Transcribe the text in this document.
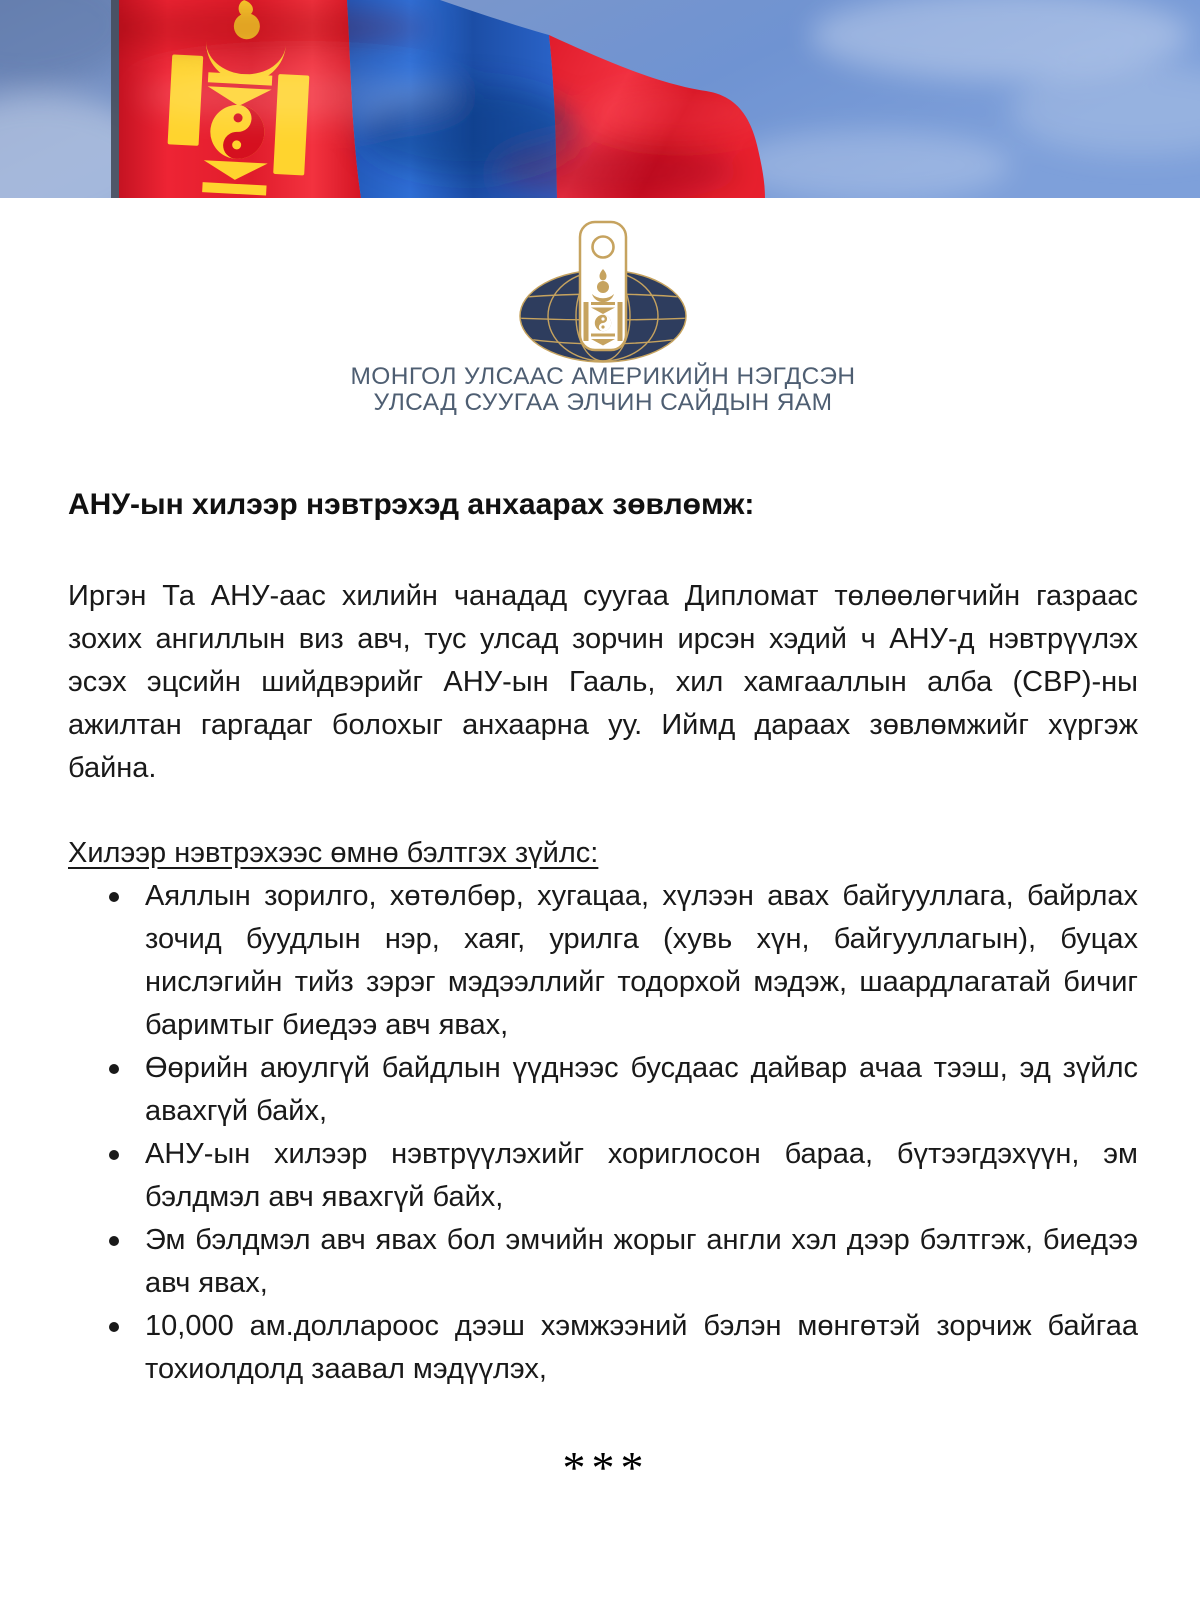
МОНГОЛ УЛСААС АМЕРИКИЙН НЭГДСЭН
УЛСАД СУУГАА ЭЛЧИН САЙДЫН ЯАМ
АНУ-ын хилээр нэвтрэхэд анхаарах зөвлөмж:

Иргэн Та АНУ-аас хилийн чанадад суугаа Дипломат төлөөлөгчийн газраас зохих ангиллын виз авч, тус улсад зорчин ирсэн хэдий ч АНУ-д нэвтрүүлэх эсэх эцсийн шийдвэрийг АНУ-ын Гааль, хил хамгааллын алба (CBP)-ны ажилтан гаргадаг болохыг анхаарна уу. Иймд дараах зөвлөмжийг хүргэж байна.

Хилээр нэвтрэхээс өмнө бэлтгэх зүйлс:
Аяллын зорилго, хөтөлбөр, хугацаа, хүлээн авах байгууллага, байрлах зочид буудлын нэр, хаяг, урилга (хувь хүн, байгууллагын), буцах нислэгийн тийз зэрэг мэдээллийг тодорхой мэдэж, шаардлагатай бичиг баримтыг биедээ авч явах,
Өөрийн аюулгүй байдлын үүднээс бусдаас дайвар ачаа тээш, эд зүйлс авахгүй байх,
АНУ-ын хилээр нэвтрүүлэхийг хориглосон бараа, бүтээгдэхүүн, эм бэлдмэл авч явахгүй байх,
Эм бэлдмэл авч явах бол эмчийн жорыг англи хэл дээр бэлтгэж, биедээ авч явах,
10,000 ам.доллароос дээш хэмжээний бэлэн мөнгөтэй зорчиж байгаа тохиолдолд заавал мэдүүлэх,
***
